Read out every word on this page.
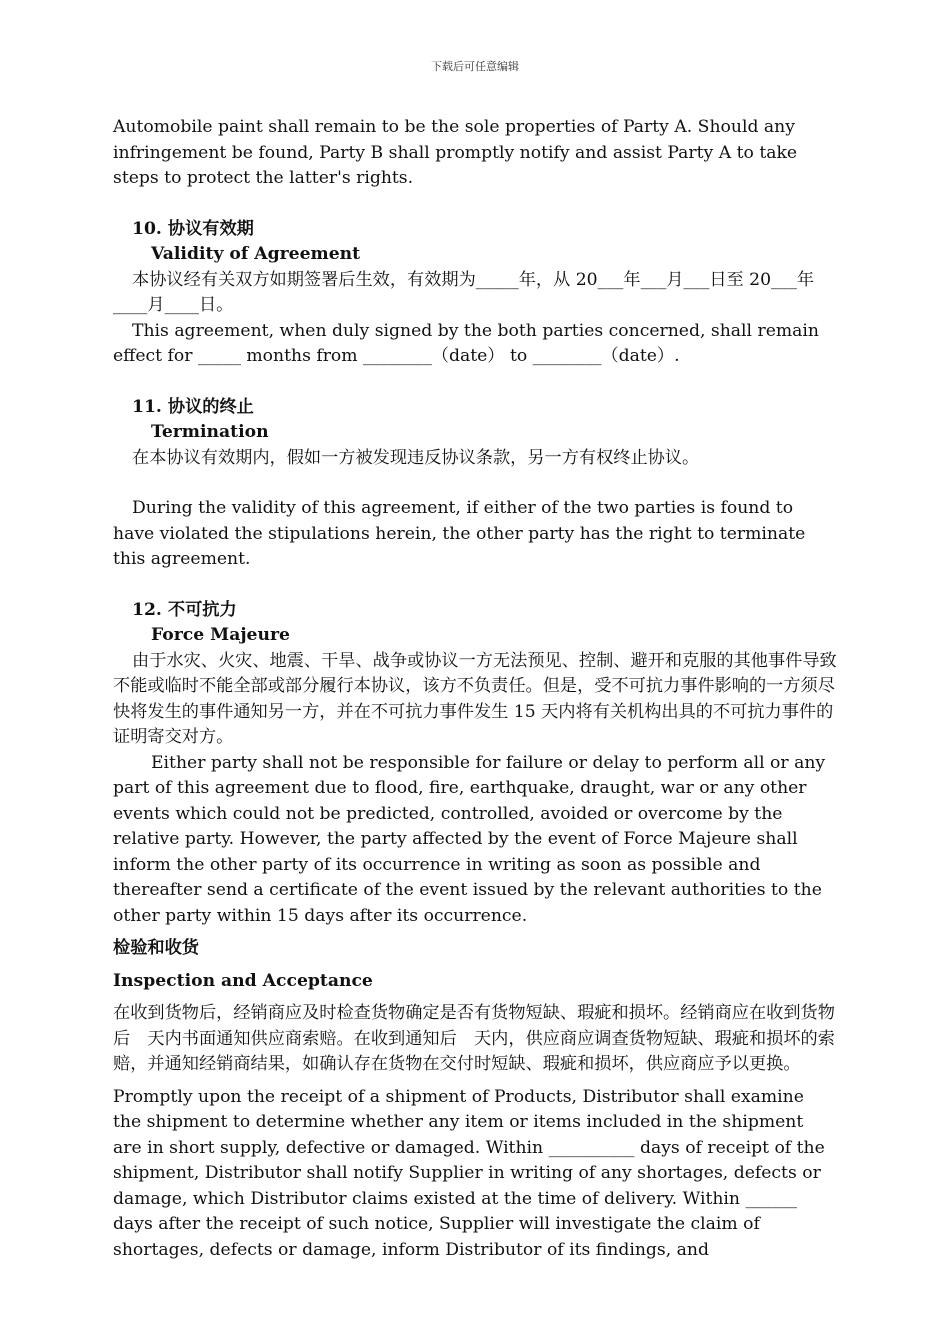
下载后可任意编辑

Automobile paint shall remain to be the sole properties of Party A. Should any infringement be found, Party B shall promptly notify and assist Party A to take steps to protect the latter's rights.

10. 协议有效期

Validity of Agreement

本协议经有关双方如期签署后生效，有效期为_____年，从 20___年___月___日至 20___年____月____日。

This agreement, when duly signed by the both parties concerned, shall remain effect for _____ months from ________（date） to ________（date）.

11. 协议的终止

Termination

在本协议有效期内，假如一方被发现违反协议条款，另一方有权终止协议。

During the validity of this agreement, if either of the two parties is found to have violated the stipulations herein, the other party has the right to terminate this agreement.

12. 不可抗力

Force Majeure

由于水灾、火灾、地震、干旱、战争或协议一方无法预见、控制、避开和克服的其他事件导致不能或临时不能全部或部分履行本协议，该方不负责任。但是，受不可抗力事件影响的一方须尽快将发生的事件通知另一方，并在不可抗力事件发生 15 天内将有关机构出具的不可抗力事件的证明寄交对方。

Either party shall not be responsible for failure or delay to perform all or any part of this agreement due to flood, fire, earthquake, draught, war or any other events which could not be predicted, controlled, avoided or overcome by the relative party. However, the party affected by the event of Force Majeure shall inform the other party of its occurrence in writing as soon as possible and thereafter send a certificate of the event issued by the relevant authorities to the other party within 15 days after its occurrence.

检验和收货

Inspection and Acceptance

在收到货物后，经销商应及时检查货物确定是否有货物短缺、瑕疵和损坏。经销商应在收到货物后　天内书面通知供应商索赔。在收到通知后　天内，供应商应调查货物短缺、瑕疵和损坏的索赔，并通知经销商结果，如确认存在货物在交付时短缺、瑕疵和损坏，供应商应予以更换。

Promptly upon the receipt of a shipment of Products, Distributor shall examine the shipment to determine whether any item or items included in the shipment are in short supply, defective or damaged. Within __________ days of receipt of the shipment, Distributor shall notify Supplier in writing of any shortages, defects or damage, which Distributor claims existed at the time of delivery. Within ______ days after the receipt of such notice, Supplier will investigate the claim of shortages, defects or damage, inform Distributor of its findings, and
